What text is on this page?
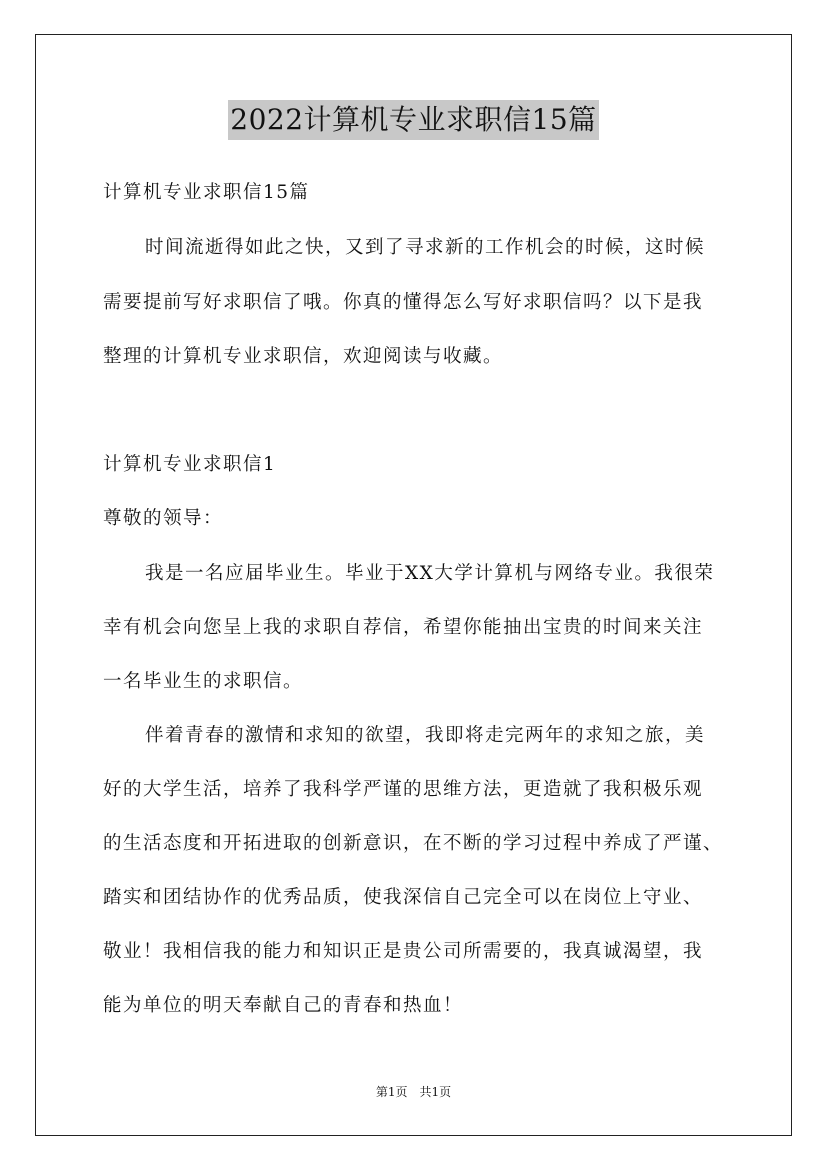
2022计算机专业求职信15篇
计算机专业求职信15篇
时间流逝得如此之快，又到了寻求新的工作机会的时候，这时候
需要提前写好求职信了哦。你真的懂得怎么写好求职信吗？以下是我
整理的计算机专业求职信，欢迎阅读与收藏。
计算机专业求职信1
尊敬的领导：
我是一名应届毕业生。毕业于XX大学计算机与网络专业。我很荣
幸有机会向您呈上我的求职自荐信，希望你能抽出宝贵的时间来关注
一名毕业生的求职信。
伴着青春的激情和求知的欲望，我即将走完两年的求知之旅，美
好的大学生活，培养了我科学严谨的思维方法，更造就了我积极乐观
的生活态度和开拓进取的创新意识，在不断的学习过程中养成了严谨、
踏实和团结协作的优秀品质，使我深信自己完全可以在岗位上守业、
敬业！我相信我的能力和知识正是贵公司所需要的，我真诚渴望，我
能为单位的明天奉献自己的青春和热血！
第1页　共1页
